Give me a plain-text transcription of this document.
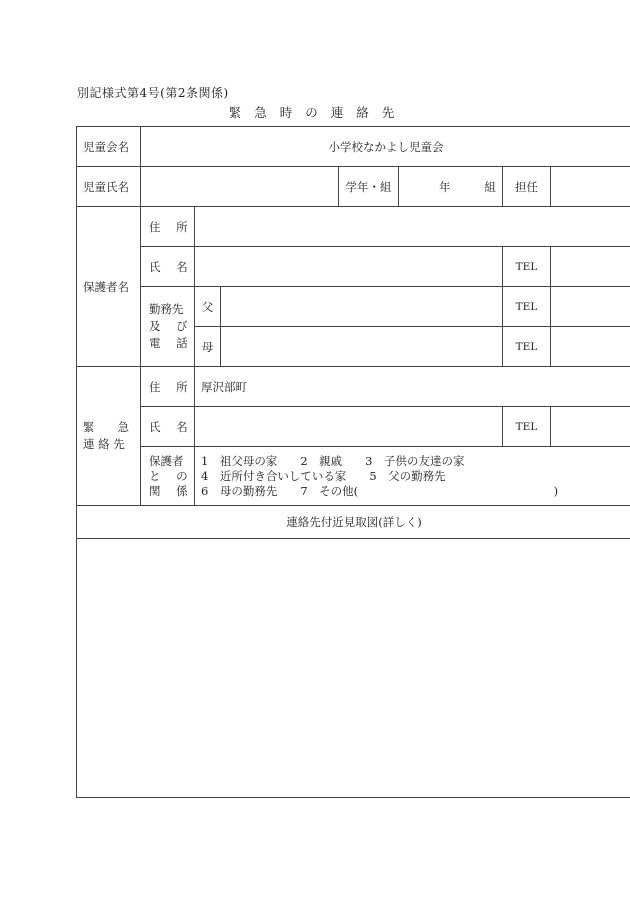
別記様式第4号(第2条関係)
緊急時の連絡先
児童会名	小学校なかよし児童会						
児童氏名				学年・組	年 組	担任	
保護者名	住 所						
	氏 名					TEL	

	勤務先
及 び
電 話	父				TEL	
		母				TEL	

緊　　急
連 絡 先	住 所	厚沢部町					
	氏 名					TEL	

	保護者
と の
関 係	1　祖父母の家　　2　親戚　　3　子供の友達の家
4　近所付き合いしている家　　5　父の勤務先
6　母の勤務先　　7　その他(　　　　　　　　　　　　　　　　　)					

連絡先付近見取図(詳しく)							
